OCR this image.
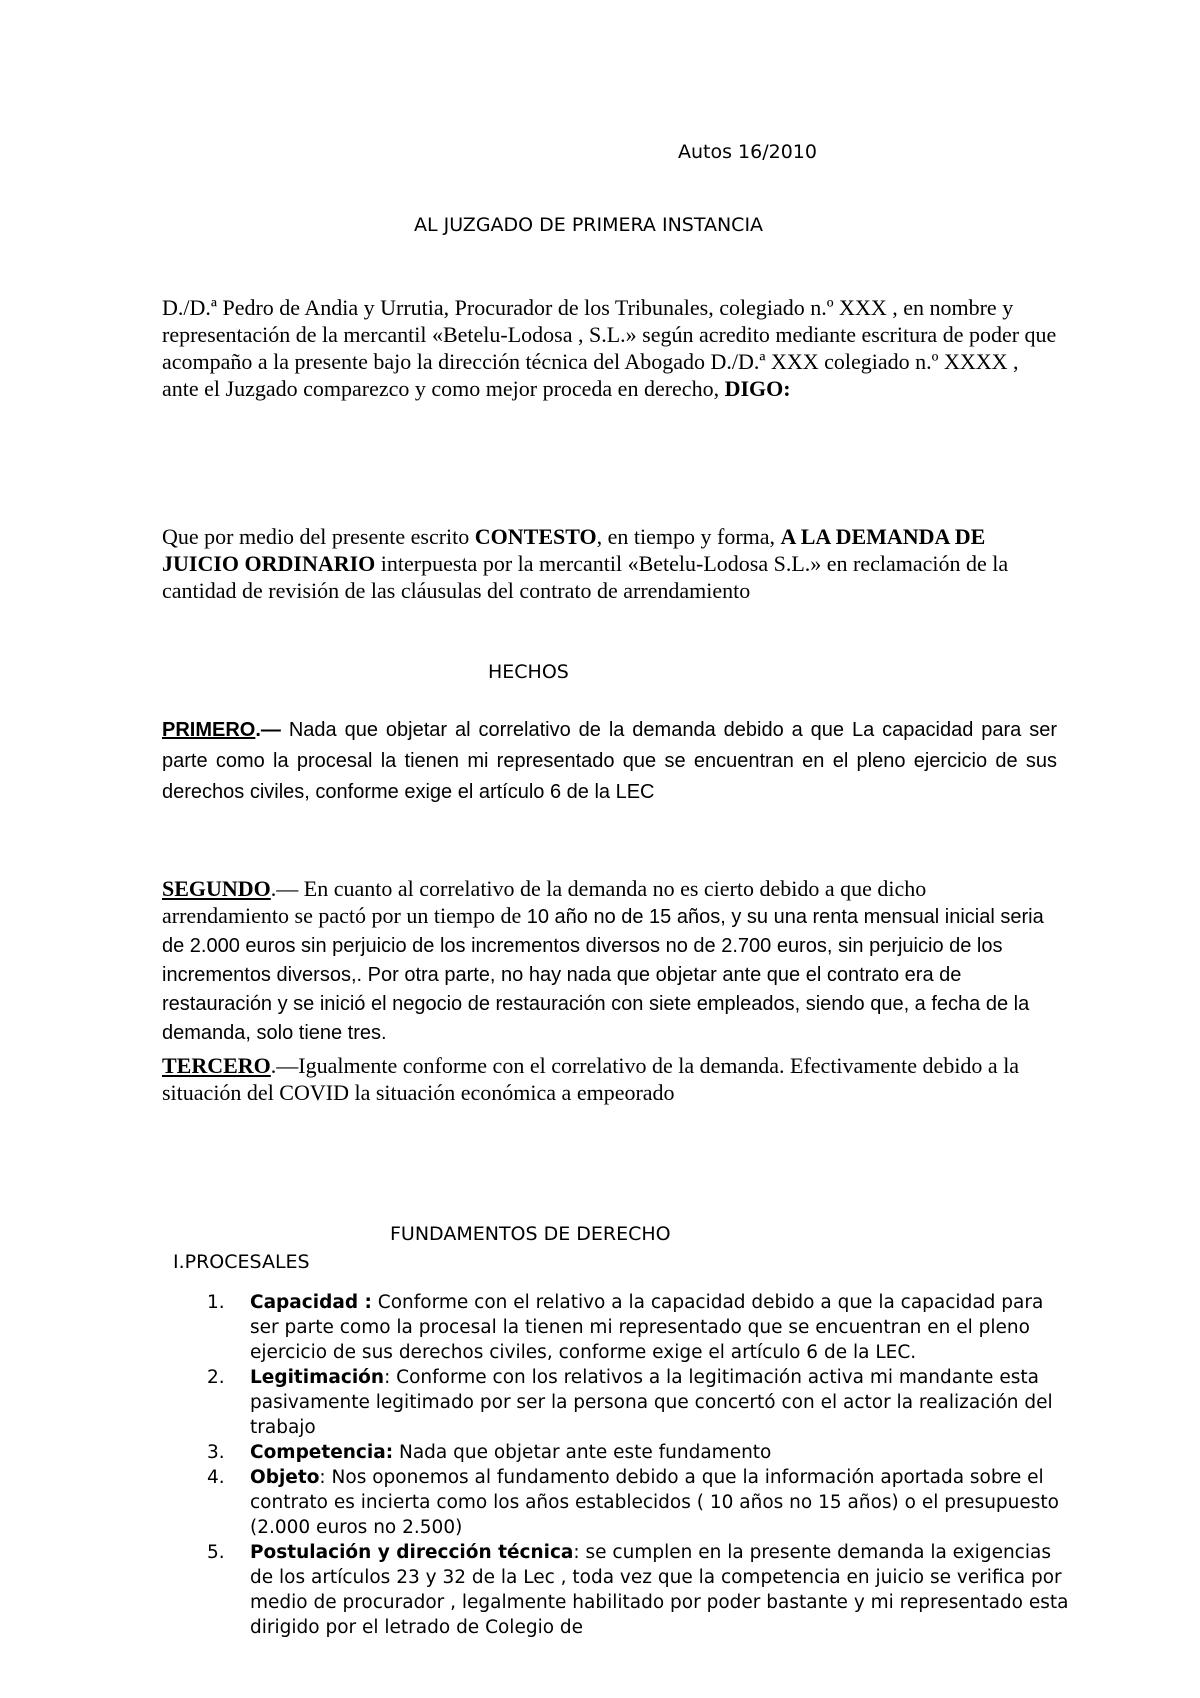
Autos 16/2010
AL JUZGADO DE PRIMERA INSTANCIA
D./D.ª Pedro de Andia y Urrutia, Procurador de los Tribunales, colegiado n.º XXX , en nombre y representación de la mercantil «Betelu-Lodosa , S.L.» según acredito mediante escritura de poder que acompaño a la presente bajo la dirección técnica del Abogado D./D.ª XXX colegiado n.º XXXX , ante el Juzgado comparezco y como mejor proceda en derecho, DIGO:
Que por medio del presente escrito CONTESTO, en tiempo y forma, A LA DEMANDA DE JUICIO ORDINARIO interpuesta por la mercantil «Betelu-Lodosa S.L.» en reclamación de la cantidad de revisión de las cláusulas del contrato de arrendamiento
HECHOS
PRIMERO.— Nada que objetar al correlativo de la demanda debido a que La capacidad para ser parte como la procesal la tienen mi representado que se encuentran en el pleno ejercicio de sus derechos civiles, conforme exige el artículo 6 de la LEC
SEGUNDO.— En cuanto al correlativo de la demanda no es cierto debido a que dicho arrendamiento se pactó por un tiempo de 10 año no de 15 años, y su una renta mensual inicial seria de 2.000 euros sin perjuicio de los incrementos diversos no de 2.700 euros, sin perjuicio de los incrementos diversos,. Por otra parte, no hay nada que objetar ante que el contrato era de restauración y se inició el negocio de restauración con siete empleados, siendo que, a fecha de la demanda, solo tiene tres.
TERCERO.—Igualmente conforme con el correlativo de la demanda. Efectivamente debido a la situación del COVID la situación económica a empeorado
FUNDAMENTOS DE DERECHO
I.PROCESALES
1. Capacidad : Conforme con el relativo a la capacidad debido a que la capacidad para ser parte como la procesal la tienen mi representado que se encuentran en el pleno ejercicio de sus derechos civiles, conforme exige el artículo 6 de la LEC.
2. Legitimación: Conforme con los relativos a la legitimación activa mi mandante esta pasivamente legitimado por ser la persona que concertó con el actor la realización del trabajo
3. Competencia: Nada que objetar ante este fundamento
4. Objeto: Nos oponemos al fundamento debido a que la información aportada sobre el contrato es incierta como los años establecidos ( 10 años no 15 años) o el presupuesto (2.000 euros no 2.500)
5. Postulación y dirección técnica: se cumplen en la presente demanda la exigencias de los artículos 23 y 32 de la Lec , toda vez que la competencia en juicio se verifica por medio de procurador , legalmente habilitado por poder bastante y mi representado esta dirigido por el letrado de Colegio de
